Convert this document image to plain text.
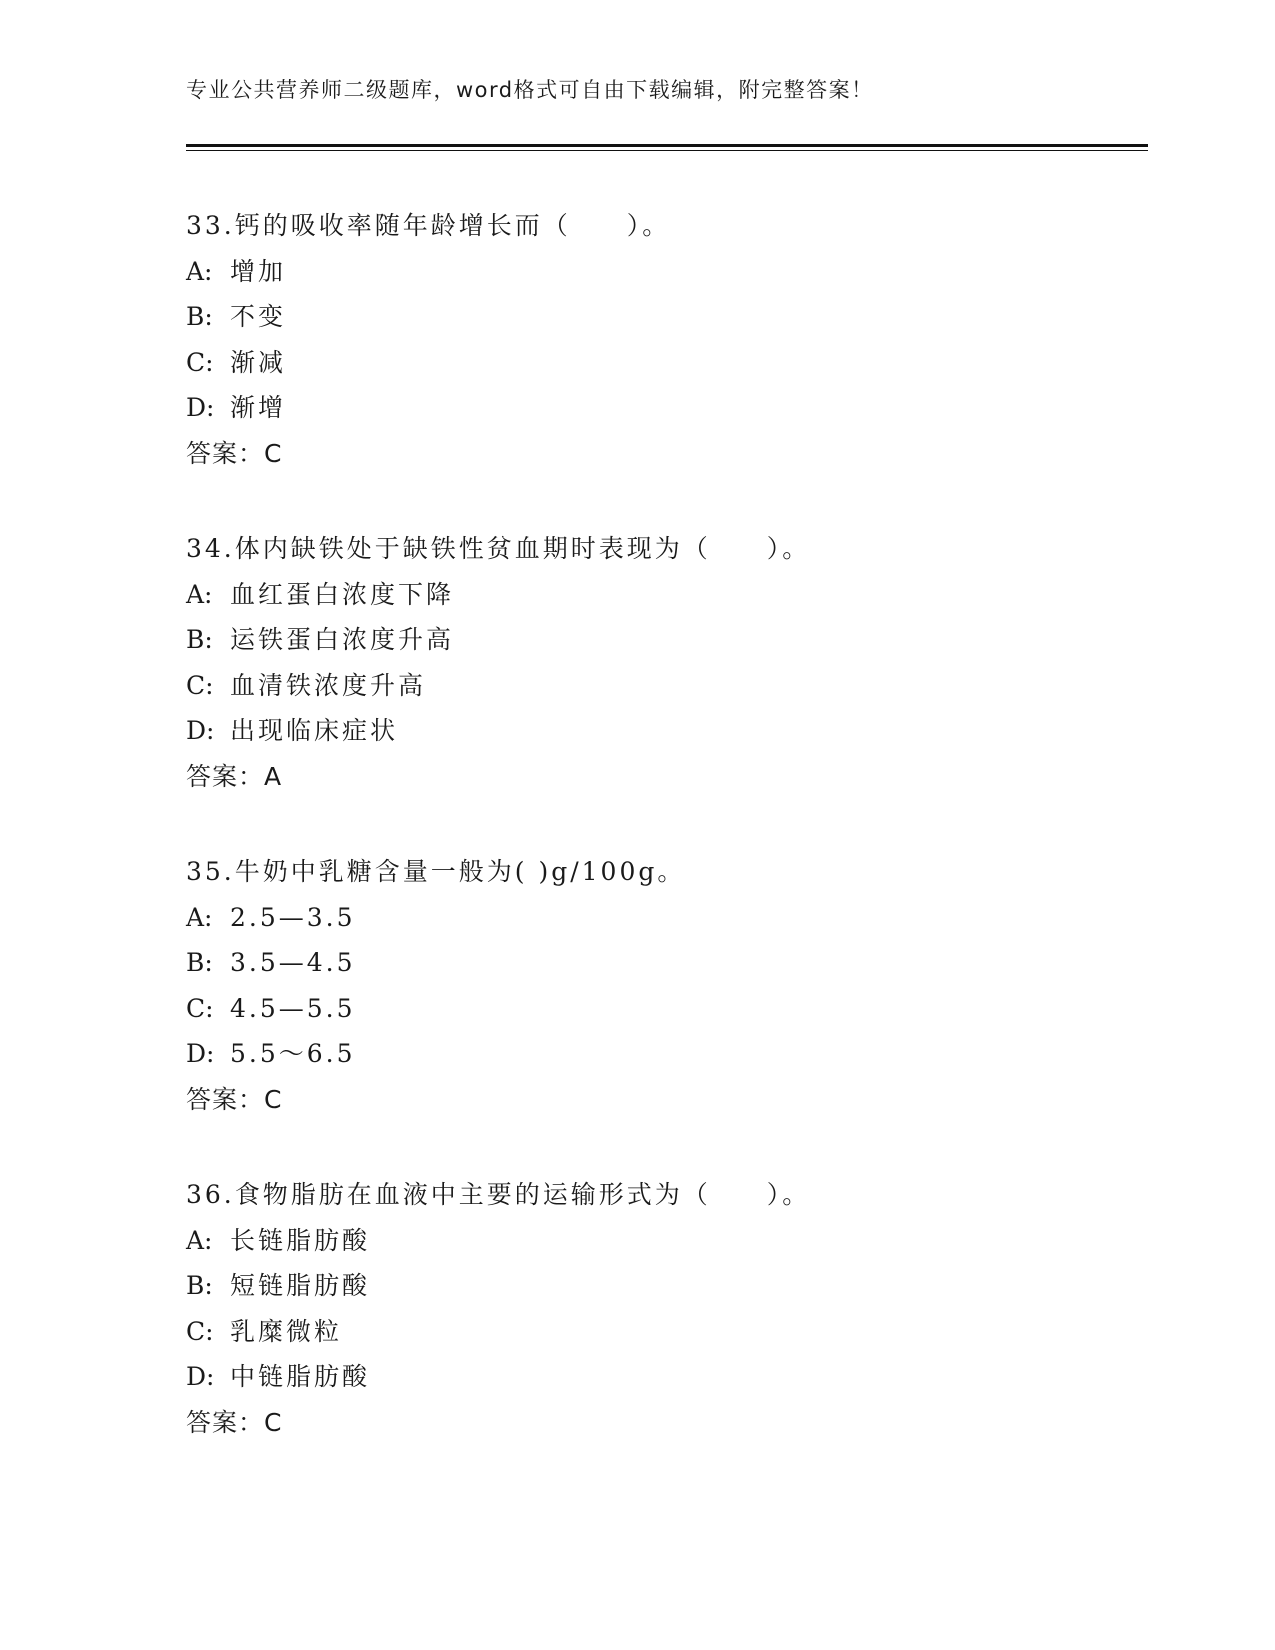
专业公共营养师二级题库，word格式可自由下载编辑，附完整答案！
33.钙的吸收率随年龄增长而（　　）。
A: 增加
B: 不变
C: 渐减
D: 渐增
答案：C
34.体内缺铁处于缺铁性贫血期时表现为（　　）。
A: 血红蛋白浓度下降
B: 运铁蛋白浓度升高
C: 血清铁浓度升高
D: 出现临床症状
答案：A
35.牛奶中乳糖含量一般为( )g/100g。
A: 2.5—3.5
B: 3.5—4.5
C: 4.5—5.5
D: 5.5～6.5
答案：C
36.食物脂肪在血液中主要的运输形式为（　　）。
A: 长链脂肪酸
B: 短链脂肪酸
C: 乳糜微粒
D: 中链脂肪酸
答案：C
